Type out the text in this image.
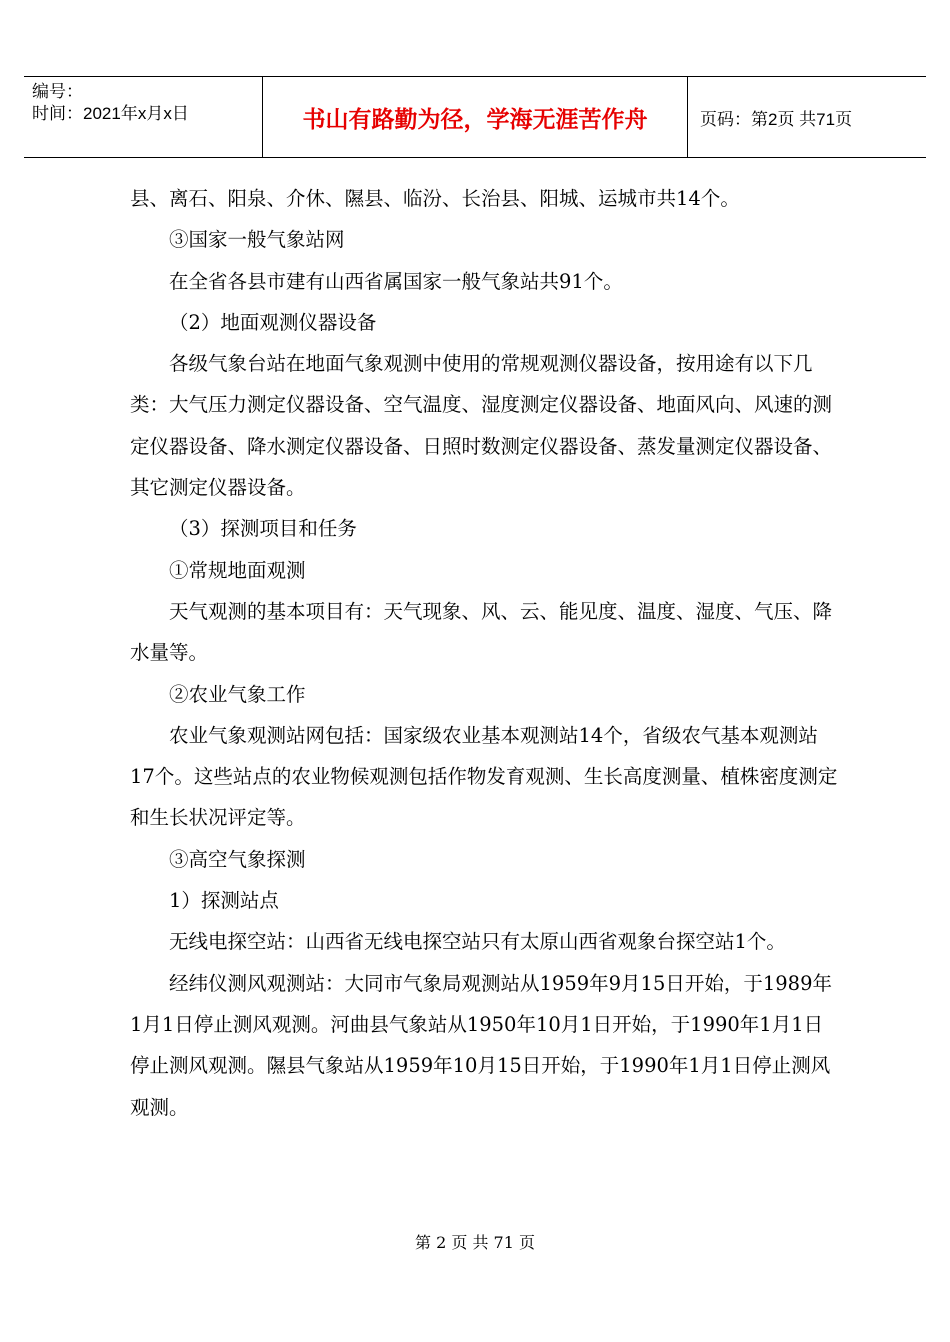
编号：
时间：2021年x月x日	书山有路勤为径，学海无涯苦作舟	页码：第2页 共71页

县、离石、阳泉、介休、隰县、临汾、长治县、阳城、运城市共14个。

③国家一般气象站网

在全省各县市建有山西省属国家一般气象站共91个。

（2）地面观测仪器设备

各级气象台站在地面气象观测中使用的常规观测仪器设备，按用途有以下几类：大气压力测定仪器设备、空气温度、湿度测定仪器设备、地面风向、风速的测定仪器设备、降水测定仪器设备、日照时数测定仪器设备、蒸发量测定仪器设备、其它测定仪器设备。

（3）探测项目和任务

①常规地面观测

天气观测的基本项目有：天气现象、风、云、能见度、温度、湿度、气压、降水量等。

②农业气象工作

农业气象观测站网包括：国家级农业基本观测站14个，省级农气基本观测站17个。这些站点的农业物候观测包括作物发育观测、生长高度测量、植株密度测定和生长状况评定等。

③高空气象探测

1）探测站点

无线电探空站：山西省无线电探空站只有太原山西省观象台探空站1个。

经纬仪测风观测站：大同市气象局观测站从1959年9月15日开始，于1989年1月1日停止测风观测。河曲县气象站从1950年10月1日开始，于1990年1月1日停止测风观测。隰县气象站从1959年10月15日开始，于1990年1月1日停止测风观测。

第 2 页 共 71 页
